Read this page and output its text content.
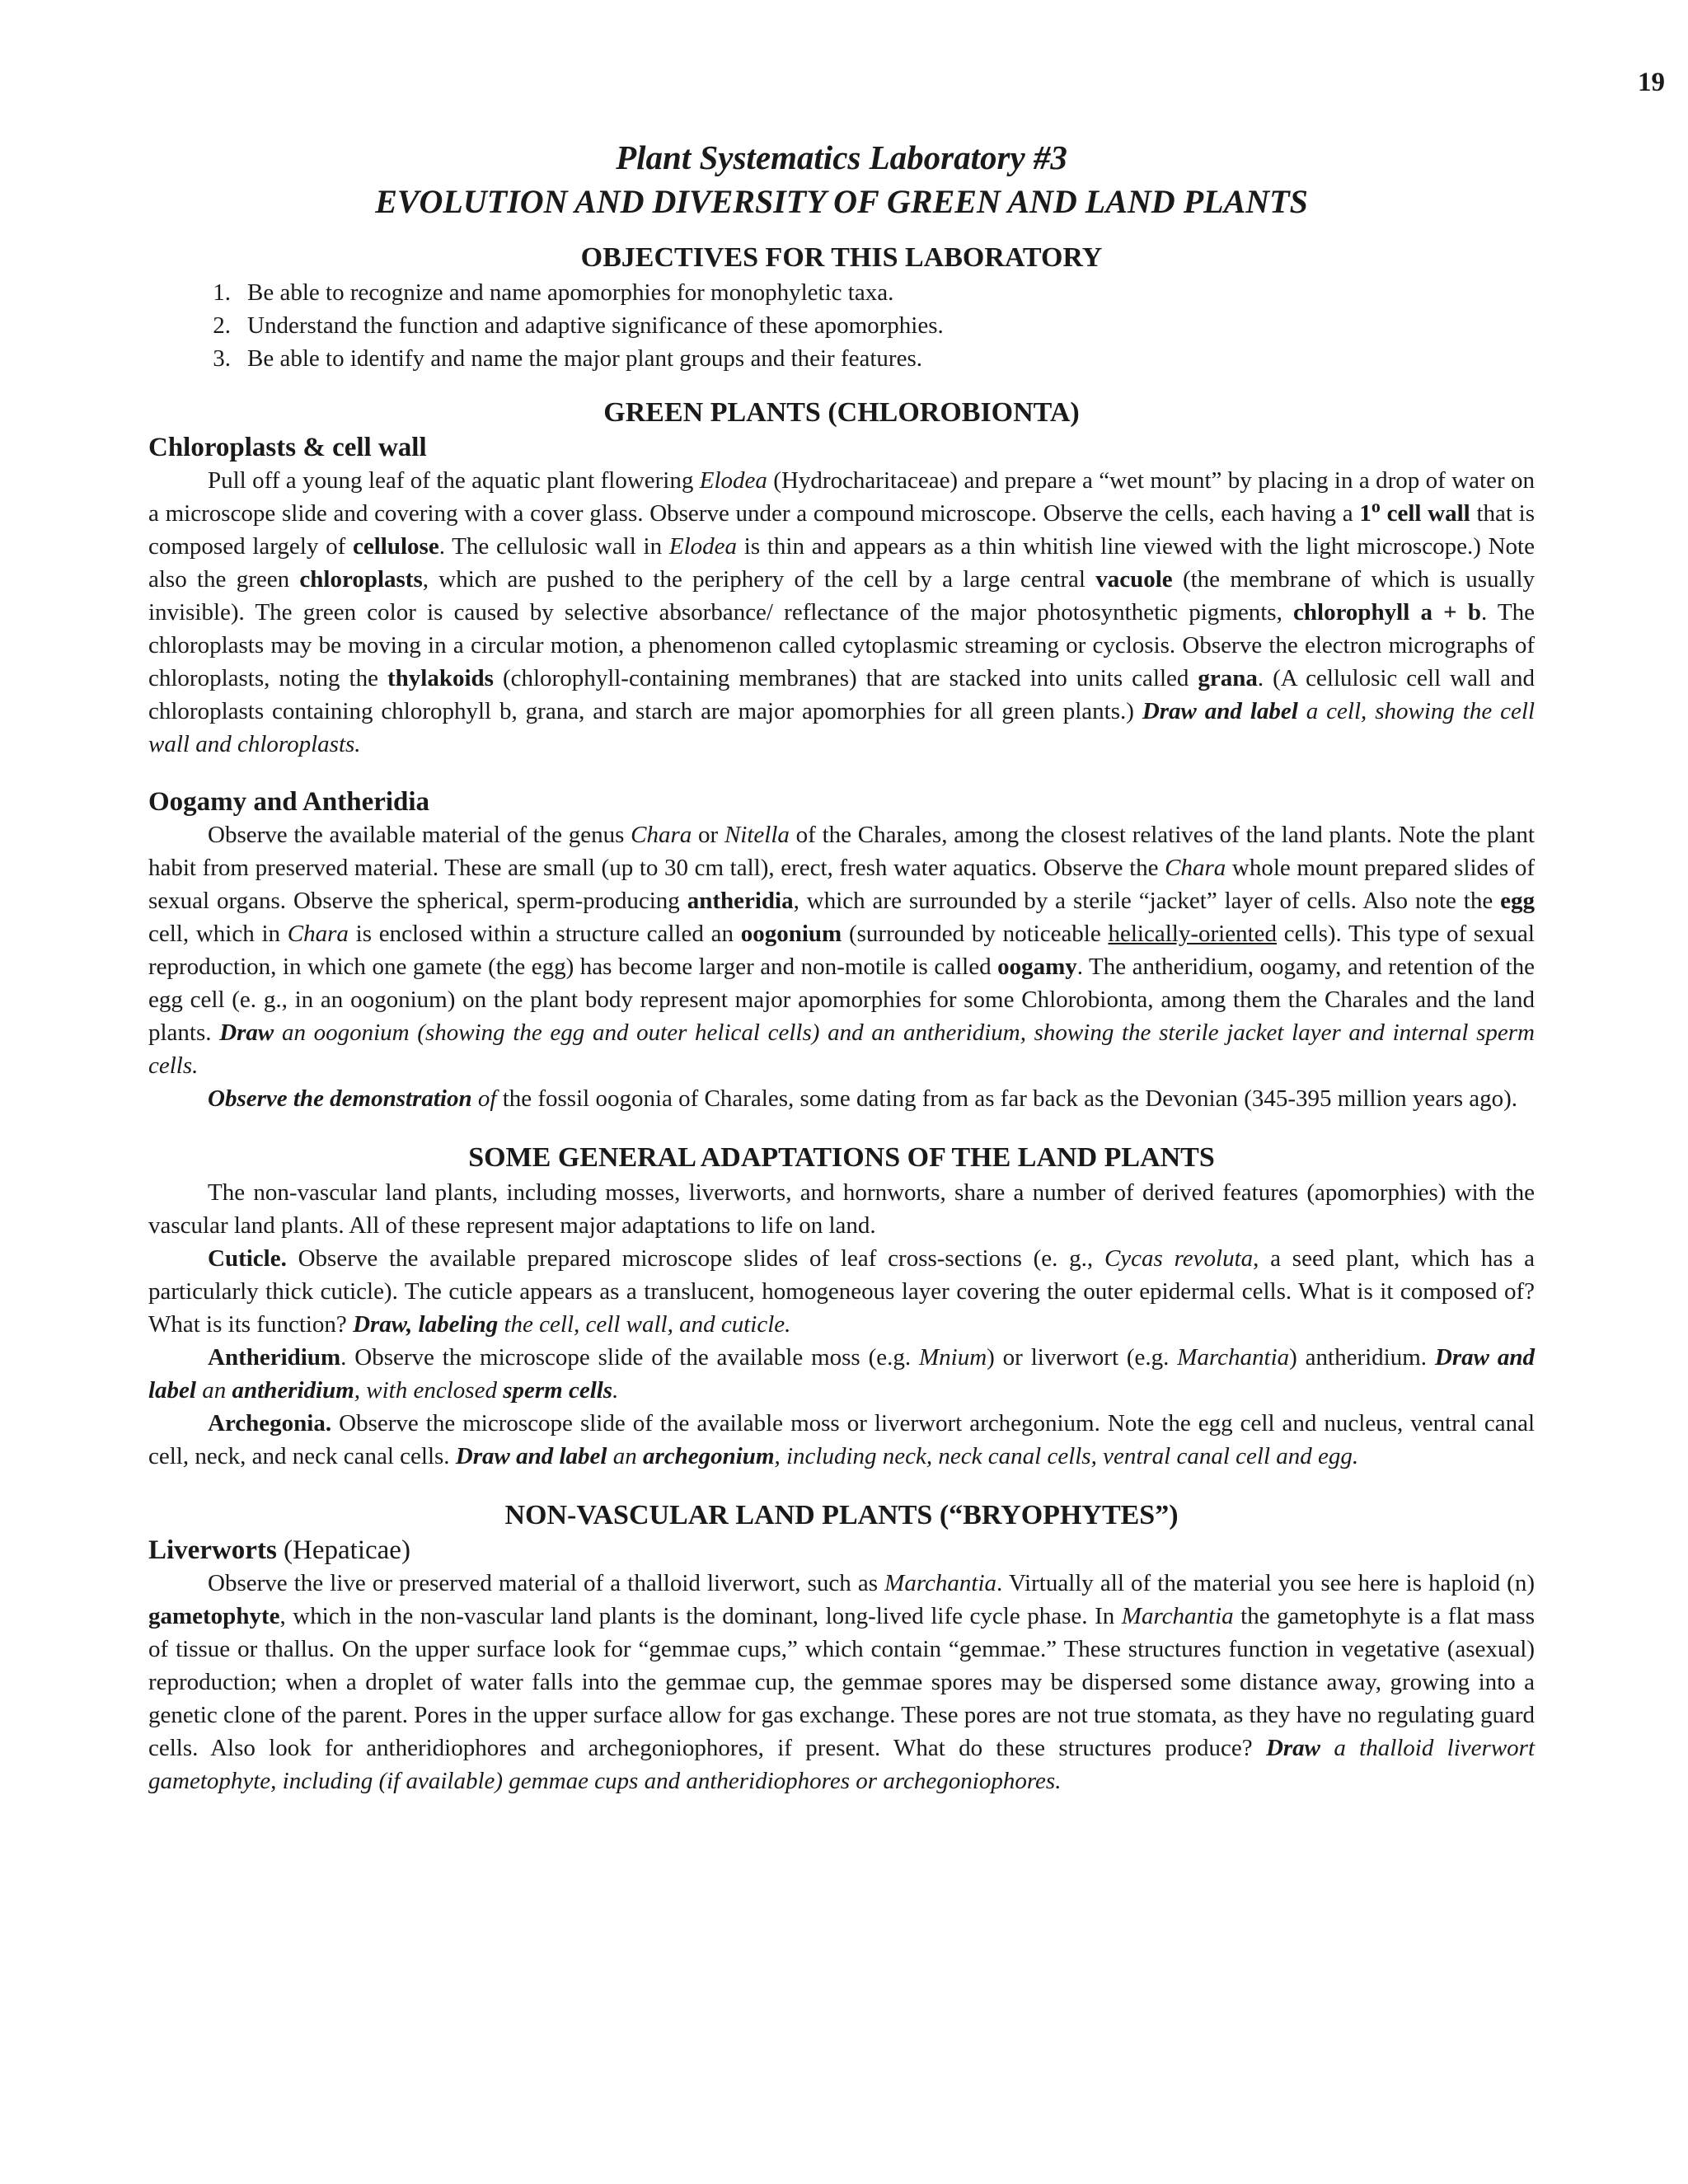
19
Plant Systematics Laboratory #3
EVOLUTION AND DIVERSITY OF GREEN AND LAND PLANTS
OBJECTIVES FOR THIS LABORATORY
1. Be able to recognize and name apomorphies for monophyletic taxa.
2. Understand the function and adaptive significance of these apomorphies.
3. Be able to identify and name the major plant groups and their features.
GREEN PLANTS (CHLOROBIONTA)
Chloroplasts & cell wall

Pull off a young leaf of the aquatic plant flowering Elodea (Hydrocharitaceae) and prepare a “wet mount” by placing in a drop of water on a microscope slide and covering with a cover glass. Observe under a compound microscope. Observe the cells, each having a 1$^o$ cell wall that is composed largely of cellulose. The cellulosic wall in Elodea is thin and appears as a thin whitish line viewed with the light microscope.) Note also the green chloroplasts, which are pushed to the periphery of the cell by a large central vacuole (the membrane of which is usually invisible). The green color is caused by selective absorbance/ reflectance of the major photosynthetic pigments, chlorophyll a + b. The chloroplasts may be moving in a circular motion, a phenomenon called cytoplasmic streaming or cyclosis. Observe the electron micrographs of chloroplasts, noting the thylakoids (chlorophyll-containing membranes) that are stacked into units called grana. (A cellulosic cell wall and chloroplasts containing chlorophyll b, grana, and starch are major apomorphies for all green plants.) Draw and label a cell, showing the cell wall and chloroplasts.

Oogamy and Antheridia

Observe the available material of the genus Chara or Nitella of the Charales, among the closest relatives of the land plants. Note the plant habit from preserved material. These are small (up to 30 cm tall), erect, fresh water aquatics. Observe the Chara whole mount prepared slides of sexual organs. Observe the spherical, sperm-producing antheridia, which are surrounded by a sterile “jacket” layer of cells. Also note the egg cell, which in Chara is enclosed within a structure called an oogonium (surrounded by noticeable helically-oriented cells). This type of sexual reproduction, in which one gamete (the egg) has become larger and non-motile is called oogamy. The antheridium, oogamy, and retention of the egg cell (e. g., in an oogonium) on the plant body represent major apomorphies for some Chlorobionta, among them the Charales and the land plants. Draw an oogonium (showing the egg and outer helical cells) and an antheridium, showing the sterile jacket layer and internal sperm cells.

Observe the demonstration of the fossil oogonia of Charales, some dating from as far back as the Devonian (345-395 million years ago).

SOME GENERAL ADAPTATIONS OF THE LAND PLANTS

The non-vascular land plants, including mosses, liverworts, and hornworts, share a number of derived features (apomorphies) with the vascular land plants. All of these represent major adaptations to life on land.

Cuticle. Observe the available prepared microscope slides of leaf cross-sections (e. g., Cycas revoluta, a seed plant, which has a particularly thick cuticle). The cuticle appears as a translucent, homogeneous layer covering the outer epidermal cells. What is it composed of? What is its function? Draw, labeling the cell, cell wall, and cuticle.

Antheridium. Observe the microscope slide of the available moss (e.g. Mnium) or liverwort (e.g. Marchantia) antheridium. Draw and label an antheridium, with enclosed sperm cells.

Archegonia. Observe the microscope slide of the available moss or liverwort archegonium. Note the egg cell and nucleus, ventral canal cell, neck, and neck canal cells. Draw and label an archegonium, including neck, neck canal cells, ventral canal cell and egg.

NON-VASCULAR LAND PLANTS (“BRYOPHYTES”)
Liverworts (Hepaticae)

Observe the live or preserved material of a thalloid liverwort, such as Marchantia. Virtually all of the material you see here is haploid (n) gametophyte, which in the non-vascular land plants is the dominant, long-lived life cycle phase. In Marchantia the gametophyte is a flat mass of tissue or thallus. On the upper surface look for “gemmae cups,” which contain “gemmae.” These structures function in vegetative (asexual) reproduction; when a droplet of water falls into the gemmae cup, the gemmae spores may be dispersed some distance away, growing into a genetic clone of the parent. Pores in the upper surface allow for gas exchange. These pores are not true stomata, as they have no regulating guard cells. Also look for antheridiophores and archegoniophores, if present. What do these structures produce? Draw a thalloid liverwort gametophyte, including (if available) gemmae cups and antheridiophores or archegoniophores.
